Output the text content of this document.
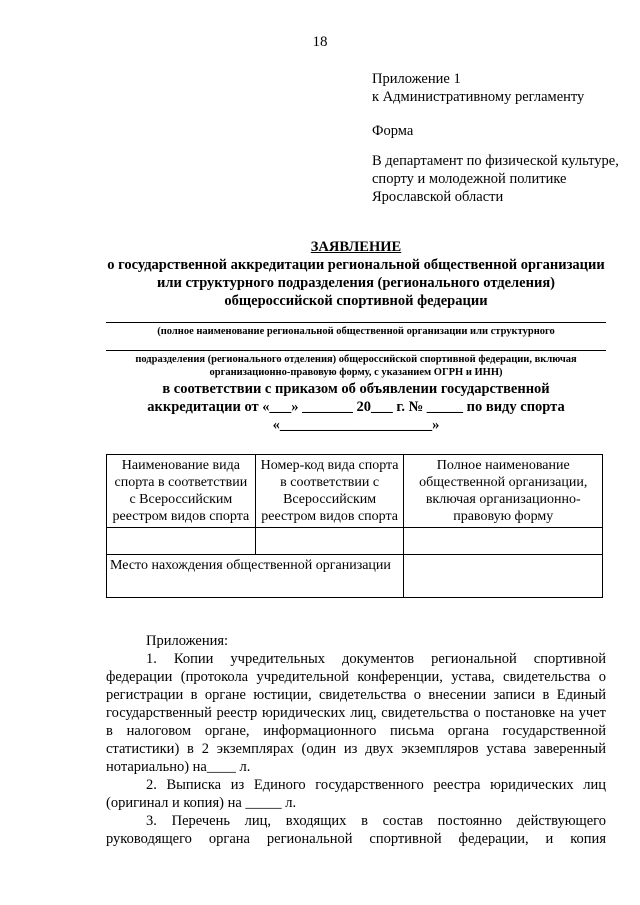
18
Приложение 1
к Административному регламенту
Форма
В департамент по физической культуре, спорту и молодежной политике Ярославской области
ЗАЯВЛЕНИЕ
о государственной аккредитации региональной общественной организации или структурного подразделения (регионального отделения) общероссийской спортивной федерации
(полное наименование региональной общественной организации или структурного
подразделения (регионального отделения) общероссийской спортивной федерации, включая организационно-правовую форму, с указанием ОГРН и ИНН)
в соответствии с приказом об объявлении государственной
аккредитации от «___» _______ 20___ г. № _____ по виду спорта
«_____________________»
Наименование вида спорта в соответствии с Всероссийским реестром видов спорта	Номер-код вида спорта в соответствии с Всероссийским реестром видов спорта	Полное наименование общественной организации, включая организационно-правовую форму

Место нахождения общественной организации		

Приложения:

1. Копии учредительных документов региональной спортивной федерации (протокола учредительной конференции, устава, свидетельства о регистрации в органе юстиции, свидетельства о внесении записи в Единый государственный реестр юридических лиц, свидетельства о постановке на учет в налоговом органе, информационного письма органа государственной статистики) в 2 экземплярах (один из двух экземпляров устава заверенный нотариально) на____ л.

2. Выписка из Единого государственного реестра юридических лиц (оригинал и копия) на _____ л.

3. Перечень лиц, входящих в состав постоянно действующего руководящего органа региональной спортивной федерации, и копия
